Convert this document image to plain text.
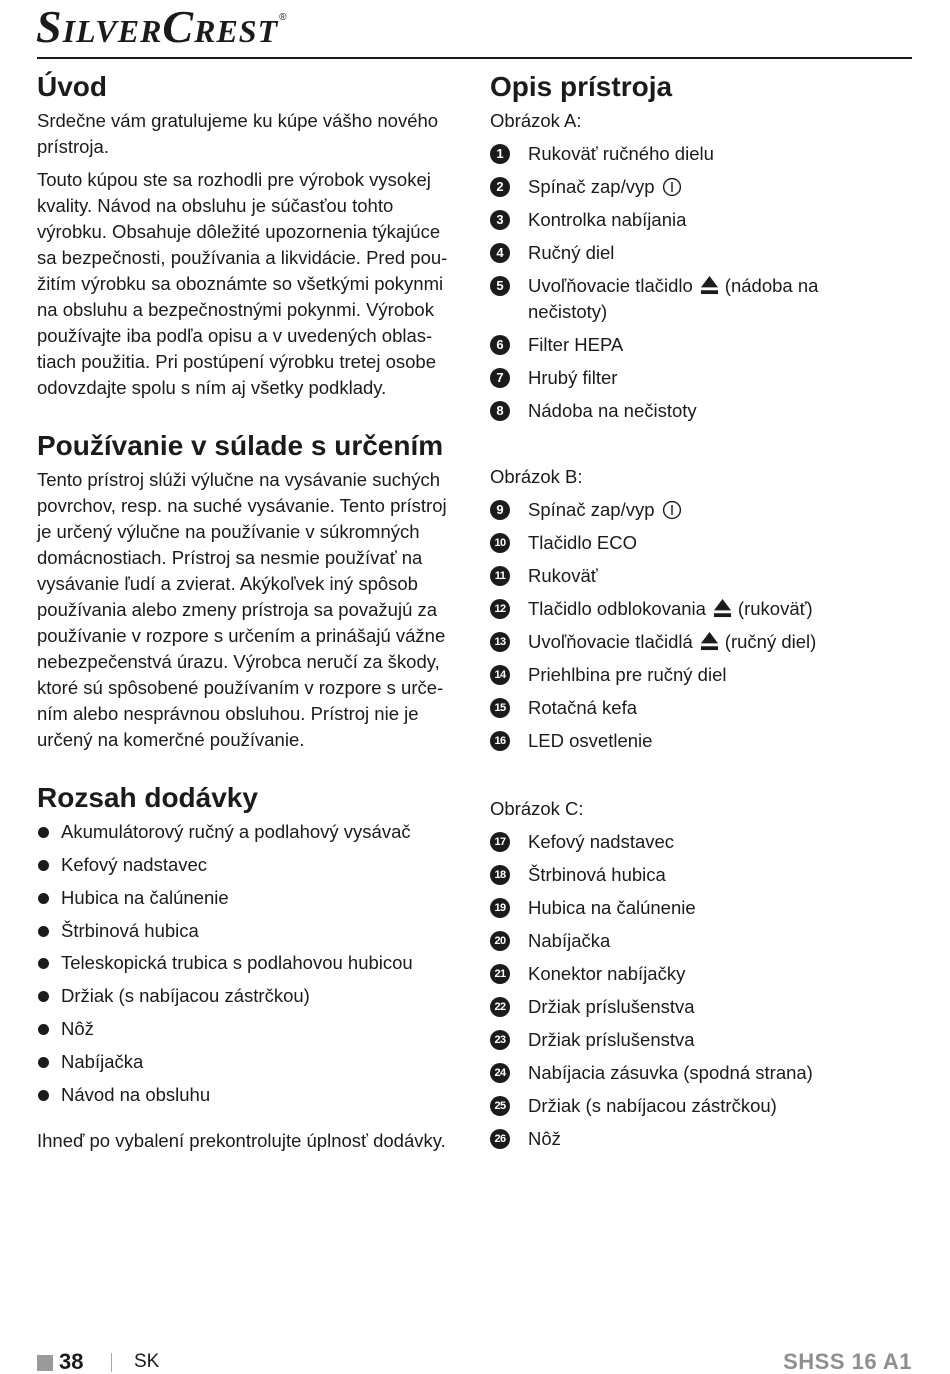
SilverCrest®
Úvod
Srdečne vám gratulujeme ku kúpe vášho nového
prístroja.
Touto kúpou ste sa rozhodli pre výrobok vysokej
kvality. Návod na obsluhu je súčasťou tohto
výrobku. Obsahuje dôležité upozornenia týkajúce
sa bezpečnosti, používania a likvidácie. Pred pou-
žitím výrobku sa oboznámte so všetkými pokynmi
na obsluhu a bezpečnostnými pokynmi. Výrobok
používajte iba podľa opisu a v uvedených oblas-
tiach použitia. Pri postúpení výrobku tretej osobe
odovzdajte spolu s ním aj všetky podklady.
Používanie v súlade s určením
Tento prístroj slúži výlučne na vysávanie suchých
povrchov, resp. na suché vysávanie. Tento prístroj
je určený výlučne na používanie v súkromných
domácnostiach. Prístroj sa nesmie používať na
vysávanie ľudí a zvierat. Akýkoľvek iný spôsob
používania alebo zmeny prístroja sa považujú za
používanie v rozpore s určením a prinášajú vážne
nebezpečenstvá úrazu. Výrobca neručí za škody,
ktoré sú spôsobené používaním v rozpore s urče-
ním alebo nesprávnou obsluhou. Prístroj nie je
určený na komerčné používanie.
Rozsah dodávky
Akumulátorový ručný a podlahový vysávač
Kefový nadstavec
Hubica na čalúnenie
Štrbinová hubica
Teleskopická trubica s podlahovou hubicou
Držiak (s nabíjacou zástrčkou)
Nôž
Nabíjačka
Návod na obsluhu
Ihneď po vybalení prekontrolujte úplnosť dodávky.
Opis prístroja
Obrázok A:
1	Rukoväť ručného dielu
2	Spínač zap/vyp
3	Kontrolka nabíjania
4	Ručný diel
5	Uvoľňovacie tlačidlo (nádoba na
nečistoty)
6	Filter HEPA
7	Hrubý filter
8	Nádoba na nečistoty
Obrázok B:
9	Spínač zap/vyp
10 Tlačidlo ECO
11 Rukoväť
12 Tlačidlo odblokovania (rukoväť)
13 Uvoľňovacie tlačidlá (ručný diel)
14 Priehlbina pre ručný diel
15 Rotačná kefa
16 LED osvetlenie
Obrázok C:
17 Kefový nadstavec
18 Štrbinová hubica
19 Hubica na čalúnenie
20 Nabíjačka
21 Konektor nabíjačky
22 Držiak príslušenstva
23 Držiak príslušenstva
24 Nabíjacia zásuvka (spodná strana)
25 Držiak (s nabíjacou zástrčkou)
26 Nôž
38	SK	SHSS 16 A1
